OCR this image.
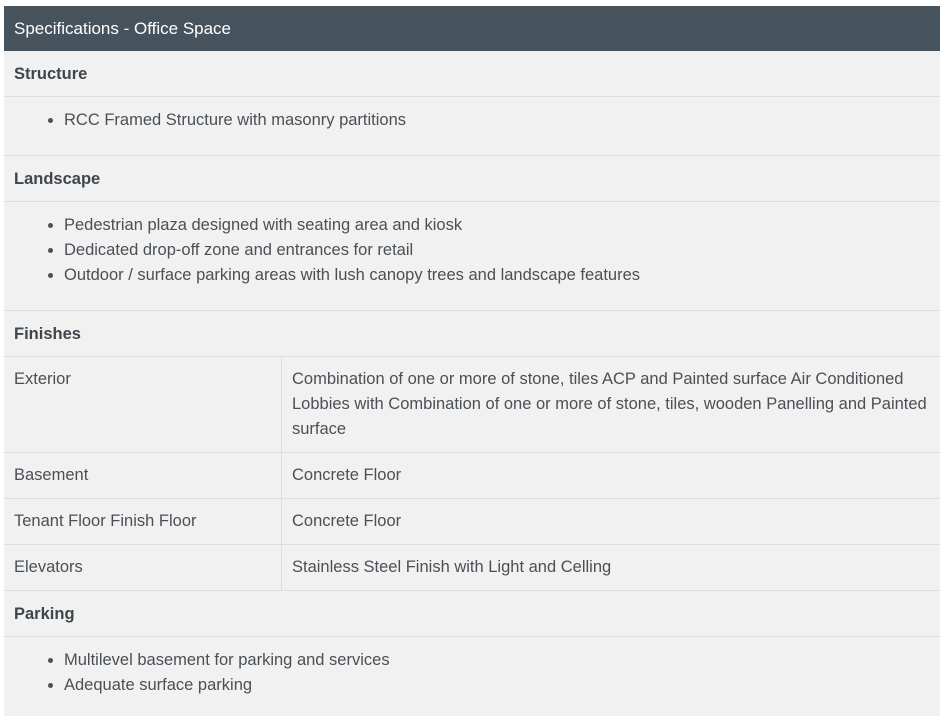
Specifications - Office Space
Structure
• RCC Framed Structure with masonry partitions
Landscape
• Pedestrian plaza designed with seating area and kiosk
• Dedicated drop-off zone and entrances for retail
• Outdoor / surface parking areas with lush canopy trees and landscape features
Finishes
Exterior	Combination of one or more of stone, tiles ACP and Painted surface Air Conditioned Lobbies with Combination of one or more of stone, tiles, wooden Panelling and Painted surface
Basement	Concrete Floor
Tenant Floor Finish Floor	Concrete Floor
Elevators	Stainless Steel Finish with Light and Celling
Parking
• Multilevel basement for parking and services
• Adequate surface parking
